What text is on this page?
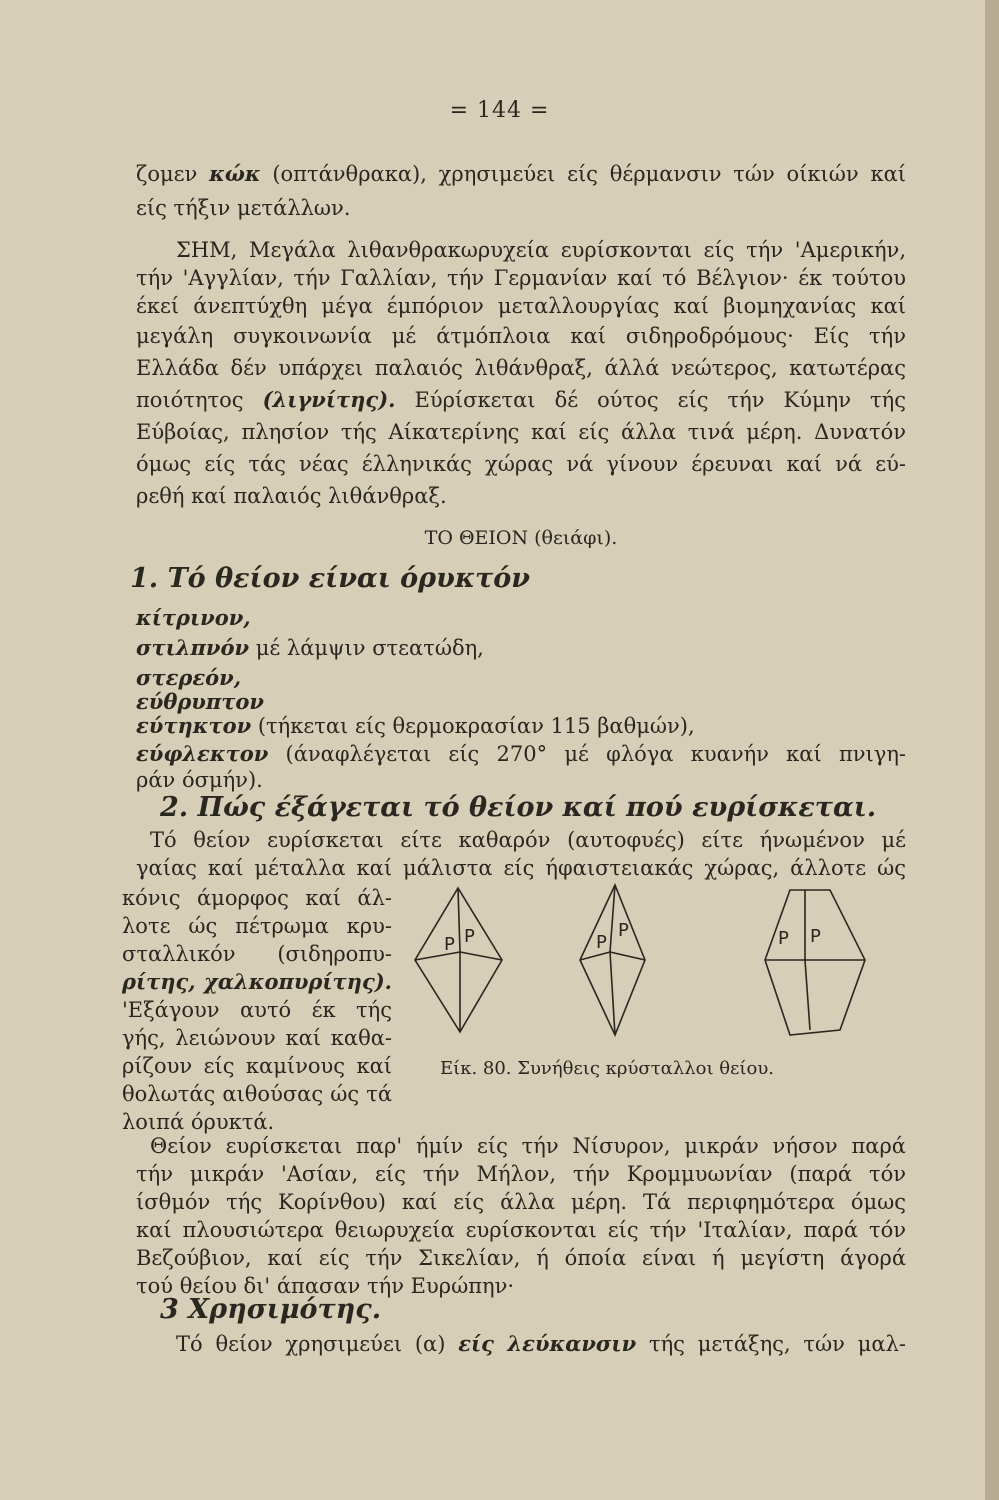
= 144 =
ζομεν κώκ (οπτάνθρακα), χρησιμεύει είς θέρμανσιν τών οίκιών καί
είς τήξιν μετάλλων.
ΣΗΜ, Μεγάλα λιθανθρακωρυχεία ευρίσκονται είς τήν 'Αμερικήν,
τήν 'Αγγλίαν, τήν Γαλλίαν, τήν Γερμανίαν καί τό Βέλγιον· έκ τούτου
έκεί άνεπτύχθη μέγα έμπόριον μεταλλουργίας καί βιομηχανίας καί
μεγάλη συγκοινωνία μέ άτμόπλοια καί σιδηροδρόμους· Είς τήν
Ελλάδα δέν υπάρχει παλαιός λιθάνθραξ, άλλά νεώτερος, κατωτέρας
ποιότητος (λιγνίτης). Εύρίσκεται δέ ούτος είς τήν Κύμην τής
Εύβοίας, πλησίον τής Αίκατερίνης καί είς άλλα τινά μέρη. Δυνατόν
όμως είς τάς νέας έλληνικάς χώρας νά γίνουν έρευναι καί νά εύ-
ρεθή καί παλαιός λιθάνθραξ.
ΤΟ ΘΕΙΟΝ (θειάφι).
1. Τό θείον είναι όρυκτόν
κίτρινον,
στιλπνόν μέ λάμψιν στεατώδη,
στερεόν,
εύθρυπτον
εύτηκτον (τήκεται είς θερμοκρασίαν 115 βαθμών),
εύφλεκτον (άναφλέγεται είς 270° μέ φλόγα κυανήν καί πνιγη-
ράν όσμήν).
2. Πώς έξάγεται τό θείον καί πού ευρίσκεται.
Τό θείον ευρίσκεται είτε καθαρόν (αυτοφυές) είτε ήνωμένον μέ
γαίας καί μέταλλα καί μάλιστα είς ήφαιστειακάς χώρας, άλλοτε ώς
κόνις άμορφος καί άλ-
λοτε ώς πέτρωμα κρυ-
σταλλικόν (σιδηροπυ-
ρίτης, χαλκοπυρίτης).
'Εξάγουν αυτό έκ τής
γής, λειώνουν καί καθα-
ρίζουν είς καμίνους καί
θολωτάς αιθούσας ώς τά
λοιπά όρυκτά.
P P	P
P	P P
Είκ. 80. Συνήθεις κρύσταλλοι θείου.
Θείον ευρίσκεται παρ' ήμίν είς τήν Νίσυρον, μικράν νήσον παρά
τήν μικράν 'Ασίαν, είς τήν Μήλον, τήν Κρομμυωνίαν (παρά τόν
ίσθμόν τής Κορίνθου) καί είς άλλα μέρη. Τά περιφημότερα όμως
καί πλουσιώτερα θειωρυχεία ευρίσκονται είς τήν 'Ιταλίαν, παρά τόν
Βεζούβιον, καί είς τήν Σικελίαν, ή όποία είναι ή μεγίστη άγορά
τού θείου δι' άπασαν τήν Ευρώπην·
3 Χρησιμότης.
Τό θείον χρησιμεύει (α) είς λεύκανσιν τής μετάξης, τών μαλ-
